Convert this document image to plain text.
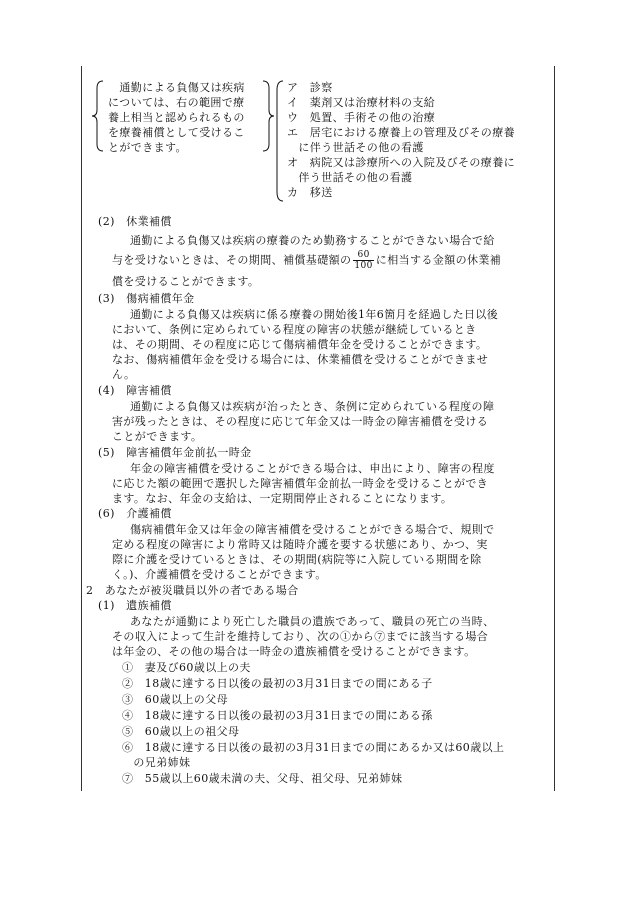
　通勤による負傷又は疾病
については、右の範囲で療
養上相当と認められるもの
を療養補償として受けるこ
とができます。
ア　診察
イ　薬剤又は治療材料の支給
ウ　処置、手術その他の治療
エ　居宅における療養上の管理及びその療養
　に伴う世話その他の看護
オ　病院又は診療所への入院及びその療養に
　伴う世話その他の看護
カ　移送
(2)　休業補償
通勤による負傷又は疾病の療養のため勤務することができない場合で給
与を受けないときは、その期間、補償基礎額の $\frac{60}{100}$ に相当する金額の休業補
償を受けることができます。
(3)　傷病補償年金
通勤による負傷又は疾病に係る療養の開始後1年6箇月を経過した日以後
において、条例に定められている程度の障害の状態が継続しているとき
は、その期間、その程度に応じて傷病補償年金を受けることができます。
なお、傷病補償年金を受ける場合には、休業補償を受けることができませ
ん。
(4)　障害補償
通勤による負傷又は疾病が治ったとき、条例に定められている程度の障
害が残ったときは、その程度に応じて年金又は一時金の障害補償を受ける
ことができます。
(5)　障害補償年金前払一時金
年金の障害補償を受けることができる場合は、申出により、障害の程度
に応じた額の範囲で選択した障害補償年金前払一時金を受けることができ
ます。なお、年金の支給は、一定期間停止されることになります。
(6)　介護補償
傷病補償年金又は年金の障害補償を受けることができる場合で、規則で
定める程度の障害により常時又は随時介護を要する状態にあり、かつ、実
際に介護を受けているときは、その期間(病院等に入院している期間を除
く。)、介護補償を受けることができます。
2　あなたが被災職員以外の者である場合
(1)　遺族補償
あなたが通勤により死亡した職員の遺族であって、職員の死亡の当時、
その収入によって生計を維持しており、次の①から⑦までに該当する場合
は年金の、その他の場合は一時金の遺族補償を受けることができます。
①　妻及び60歳以上の夫
②　18歳に達する日以後の最初の3月31日までの間にある子
③　60歳以上の父母
④　18歳に達する日以後の最初の3月31日までの間にある孫
⑤　60歳以上の祖父母
⑥　18歳に達する日以後の最初の3月31日までの間にあるか又は60歳以上
　の兄弟姉妹
⑦　55歳以上60歳未満の夫、父母、祖父母、兄弟姉妹
